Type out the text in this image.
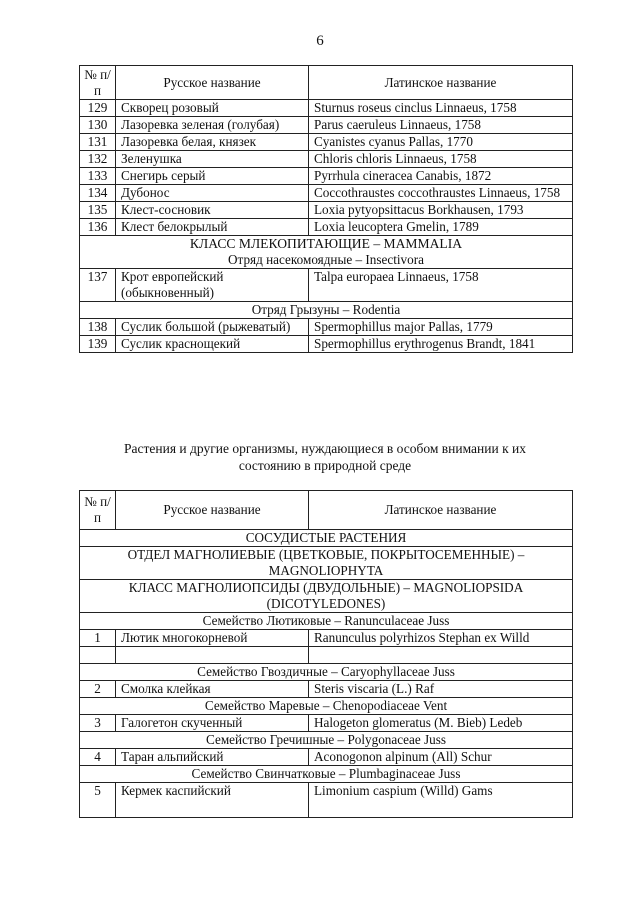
6
№ п/п	Русское название	Латинское название
129	Скворец розовый	Sturnus roseus cinclus Linnaeus, 1758
130	Лазоревка зеленая (голубая)	Parus caeruleus Linnaeus, 1758
131	Лазоревка белая, князек	Cyanistes cyanus Pallas, 1770
132	Зеленушка	Chloris chloris Linnaeus, 1758
133	Снегирь серый	Pyrrhula cineracea Canabis, 1872
134	Дубонос	Coccothraustes coccothraustes Linnaeus, 1758
135	Клест-сосновик	Loxia pytyopsittacus Borkhausen, 1793
136	Клест белокрылый	Loxia leucoptera Gmelin, 1789

КЛАСС МЛЕКОПИТАЮЩИЕ – MAMMALIA
Отряд насекомоядные – Insectivora		

137	Крот европейский (обыкновенный)	Talpa europaea Linnaeus, 1758
Отряд Грызуны – Rodentia		
138	Суслик большой (рыжеватый)	Spermophillus major Pallas, 1779
139	Суслик краснощекий	Spermophillus erythrogenus Brandt, 1841
Растения и другие организмы, нуждающиеся в особом внимании к их состоянию в природной среде
№ п/п	Русское название	Латинское название
СОСУДИСТЫЕ РАСТЕНИЯ		
ОТДЕЛ МАГНОЛИЕВЫЕ (ЦВЕТКОВЫЕ, ПОКРЫТОСЕМЕННЫЕ) – MAGNOLIOPHYTA		
КЛАСС МАГНОЛИОПСИДЫ (ДВУДОЛЬНЫЕ) – MAGNOLIOPSIDA (DICOTYLEDONES)		
Семейство Лютиковые – Ranunculaceae Juss		
1	Лютик многокорневой	Ranunculus polyrhizos Stephan ex Willd

Семейство Гвоздичные – Caryophyllaceae Juss		
2	Смолка клейкая	Steris viscaria (L.) Raf
Семейство Маревые – Chenopodiaceae Vent		
3	Галогетон скученный	Halogeton glomeratus (M. Bieb) Ledeb
Семейство Гречишные – Polygonaceae Juss		
4	Таран альпийский	Aconogonon alpinum (All) Schur
Семейство Свинчатковые – Plumbaginaceae Juss		
5	Кермек каспийский	Limonium caspium (Willd) Gams
